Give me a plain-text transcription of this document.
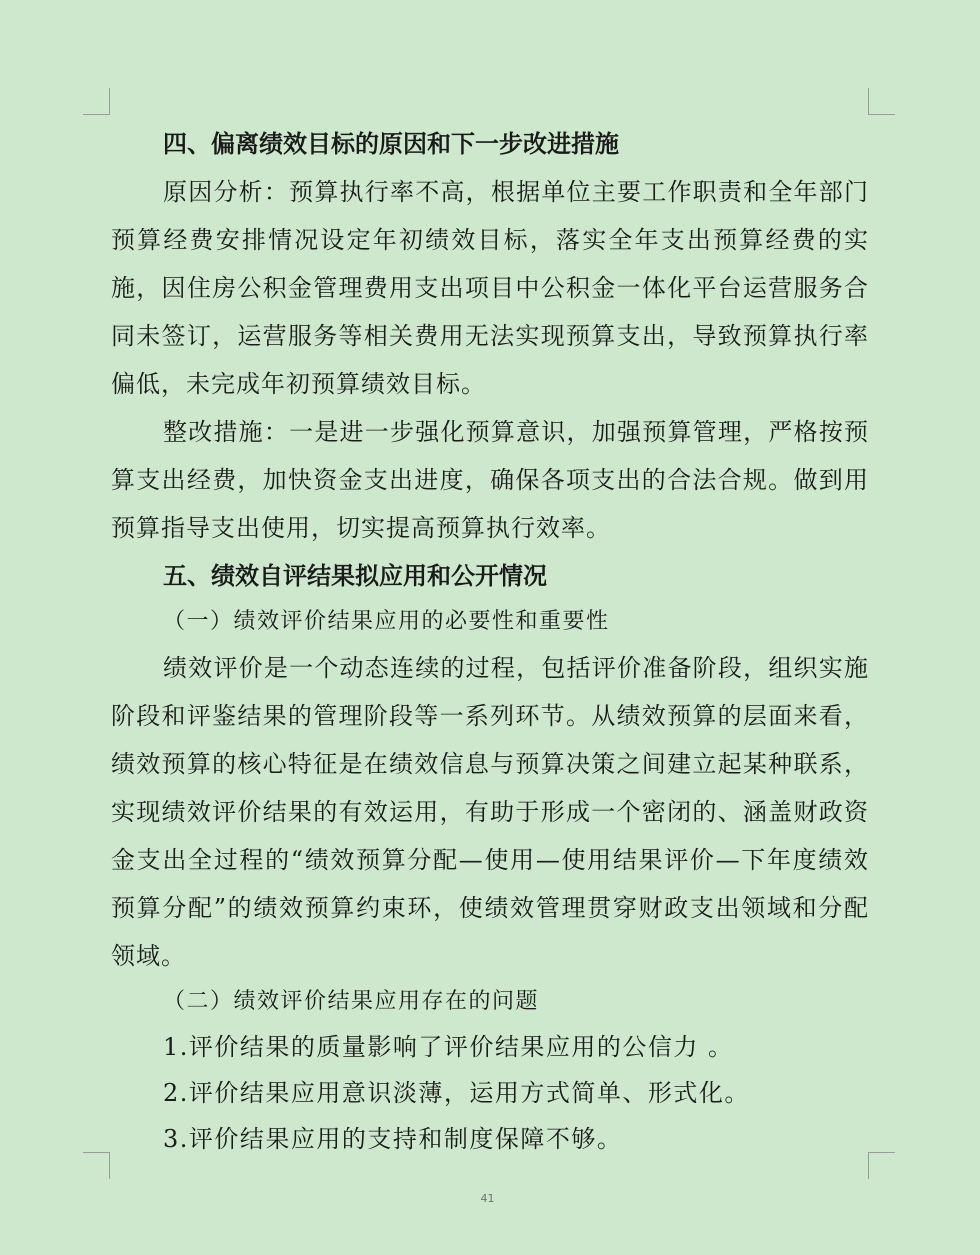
四、偏离绩效目标的原因和下一步改进措施

原因分析：预算执行率不高，根据单位主要工作职责和全年部门预算经费安排情况设定年初绩效目标，落实全年支出预算经费的实施，因住房公积金管理费用支出项目中公积金一体化平台运营服务合同未签订，运营服务等相关费用无法实现预算支出，导致预算执行率偏低，未完成年初预算绩效目标。

整改措施：一是进一步强化预算意识，加强预算管理，严格按预算支出经费，加快资金支出进度，确保各项支出的合法合规。做到用预算指导支出使用，切实提高预算执行效率。

五、绩效自评结果拟应用和公开情况

（一）绩效评价结果应用的必要性和重要性

绩效评价是一个动态连续的过程，包括评价准备阶段，组织实施阶段和评鉴结果的管理阶段等一系列环节。从绩效预算的层面来看，绩效预算的核心特征是在绩效信息与预算决策之间建立起某种联系，实现绩效评价结果的有效运用，有助于形成一个密闭的、涵盖财政资金支出全过程的“绩效预算分配—使用—使用结果评价—下年度绩效预算分配”的绩效预算约束环，使绩效管理贯穿财政支出领域和分配领域。

（二）绩效评价结果应用存在的问题

1.评价结果的质量影响了评价结果应用的公信力 。

2.评价结果应用意识淡薄，运用方式简单、形式化。

3.评价结果应用的支持和制度保障不够。

41
